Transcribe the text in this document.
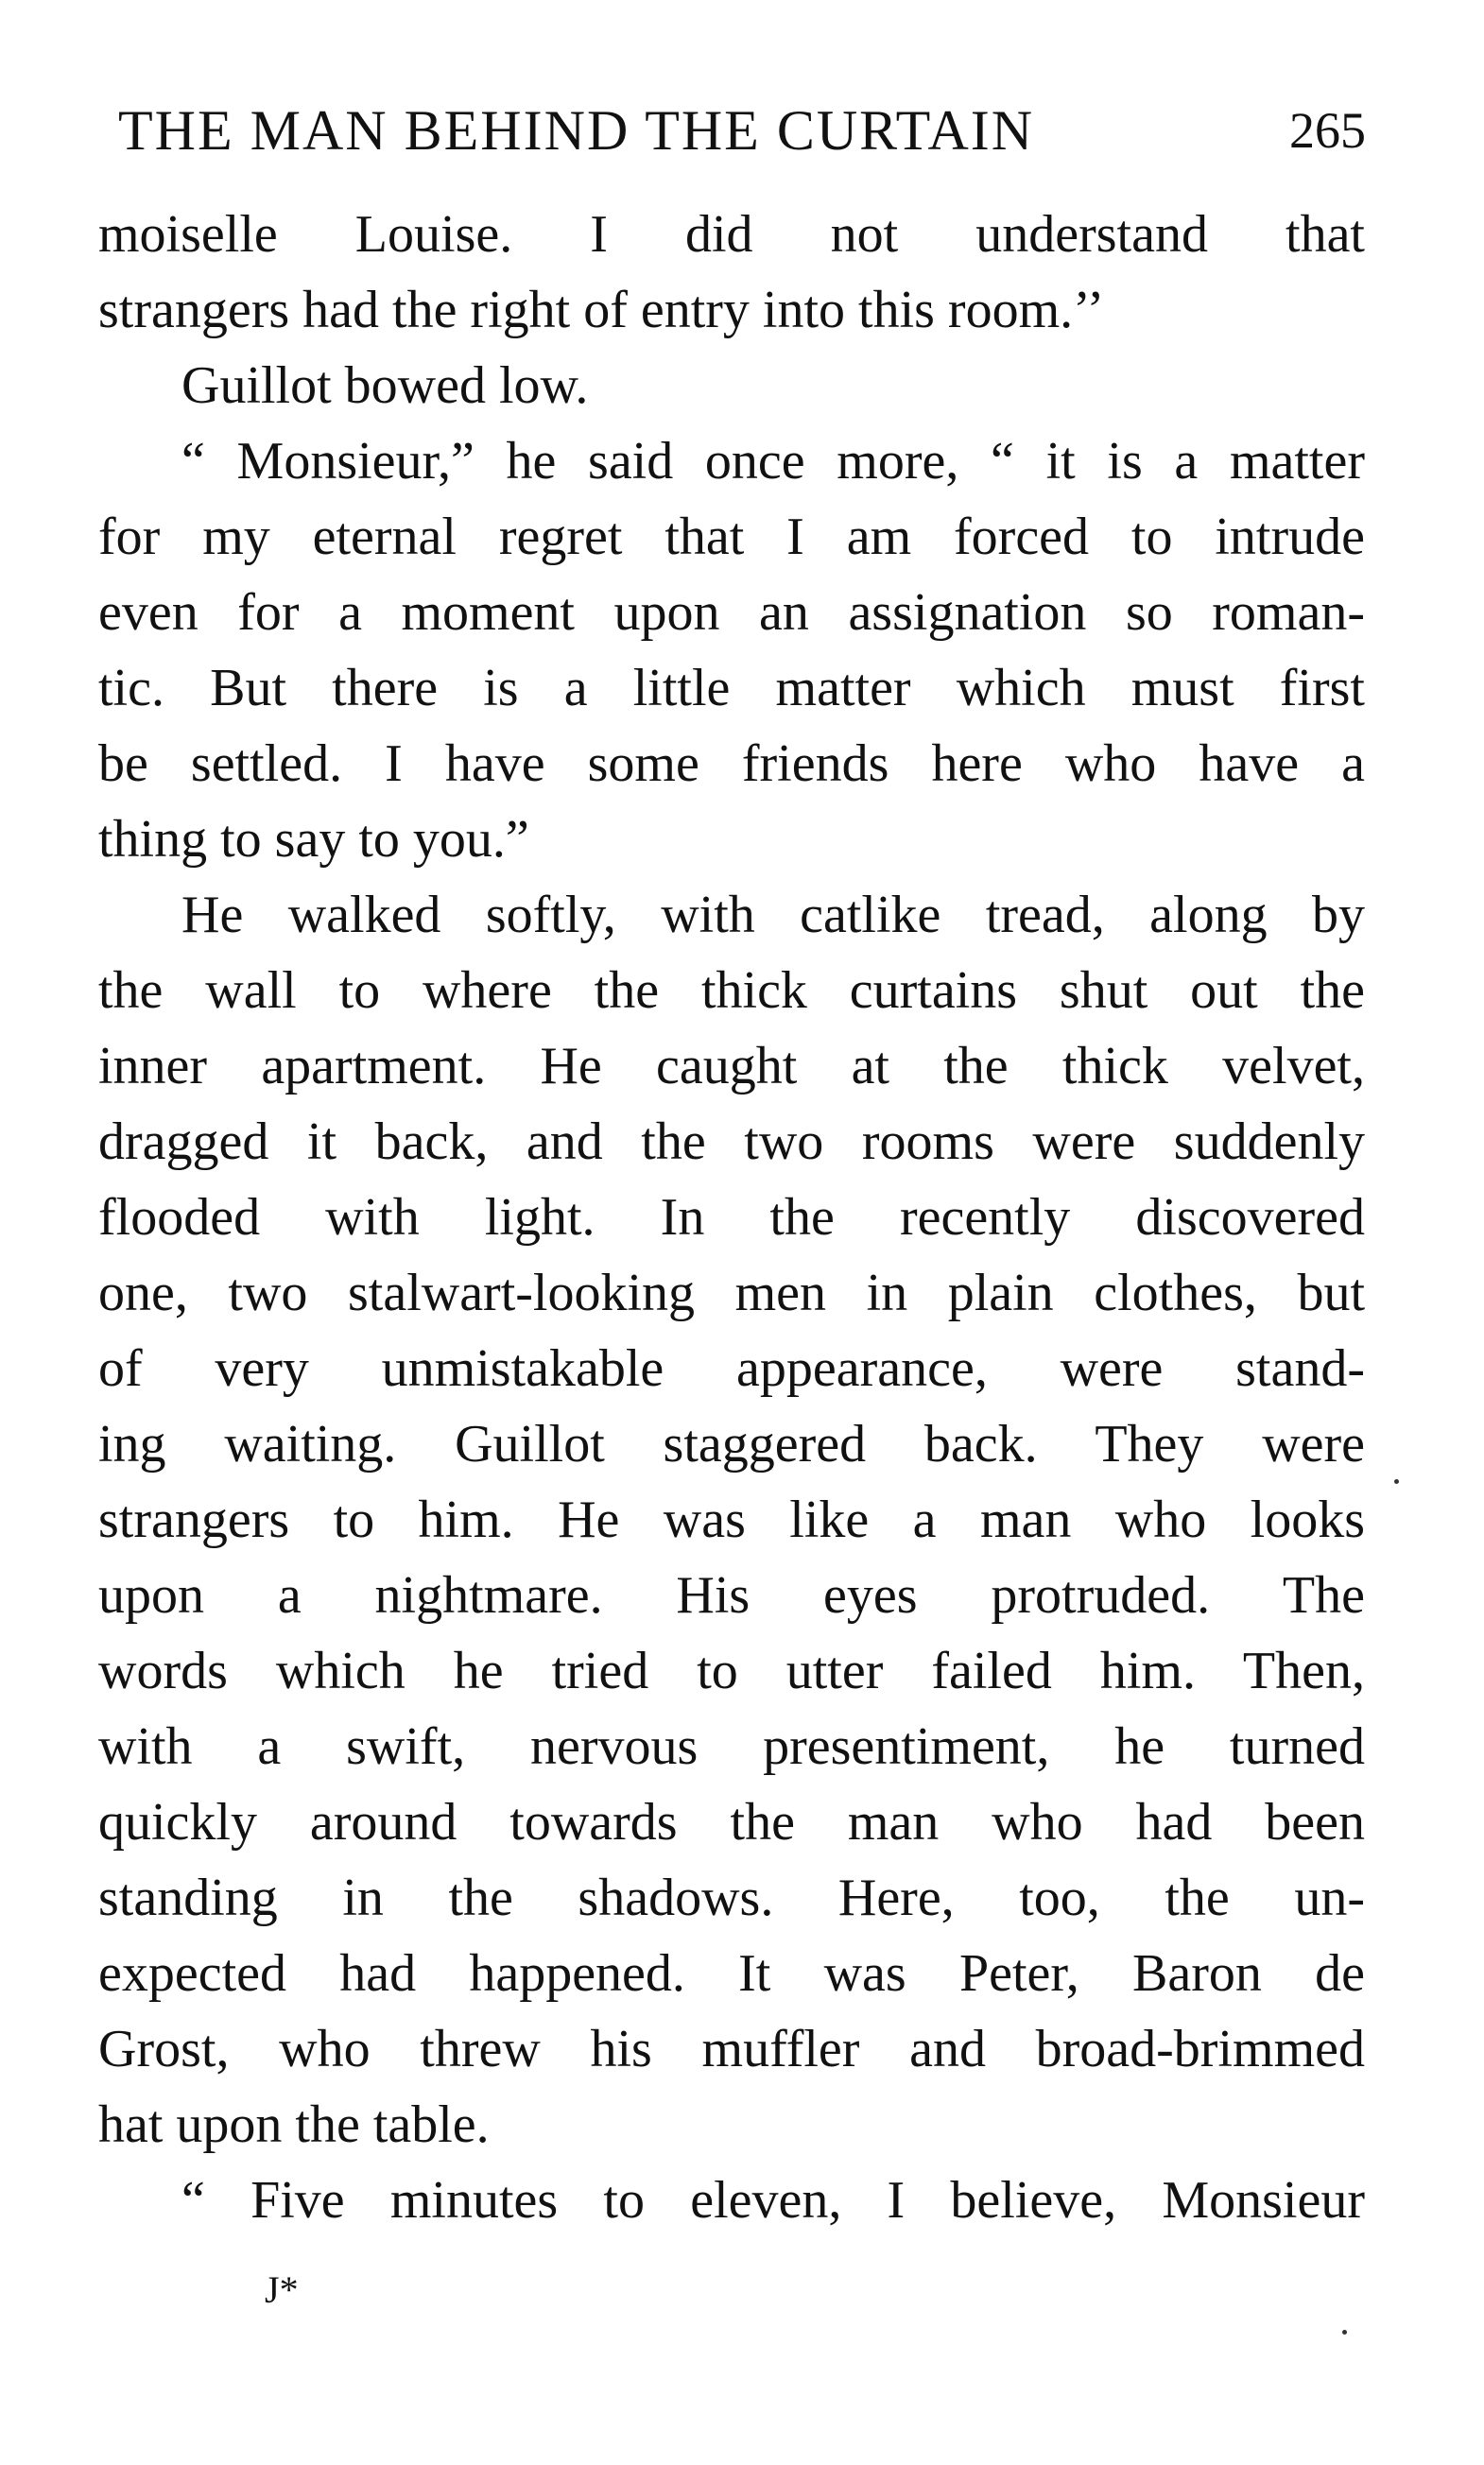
THE MAN BEHIND THE CURTAIN	265
moiselle Louise. I did not understand that
strangers had the right of entry into this room.’’
Guillot bowed low.
“ Monsieur,” he said once more, “ it is a matter
for my eternal regret that I am forced to intrude
even for a moment upon an assignation so roman-
tic. But there is a little matter which must first
be settled. I have some friends here who have a
thing to say to you.”
He walked softly, with catlike tread, along by
the wall to where the thick curtains shut out the
inner apartment. He caught at the thick velvet,
dragged it back, and the two rooms were suddenly
flooded with light. In the recently discovered
one, two stalwart-looking men in plain clothes, but
of very unmistakable appearance, were stand-
ing waiting. Guillot staggered back. They were
strangers to him. He was like a man who looks
upon a nightmare. His eyes protruded. The
words which he tried to utter failed him. Then,
with a swift, nervous presentiment, he turned
quickly around towards the man who had been
standing in the shadows. Here, too, the un-
expected had happened. It was Peter, Baron de
Grost, who threw his muffler and broad-brimmed
hat upon the table.
“ Five minutes to eleven, I believe, Monsieur
J*
